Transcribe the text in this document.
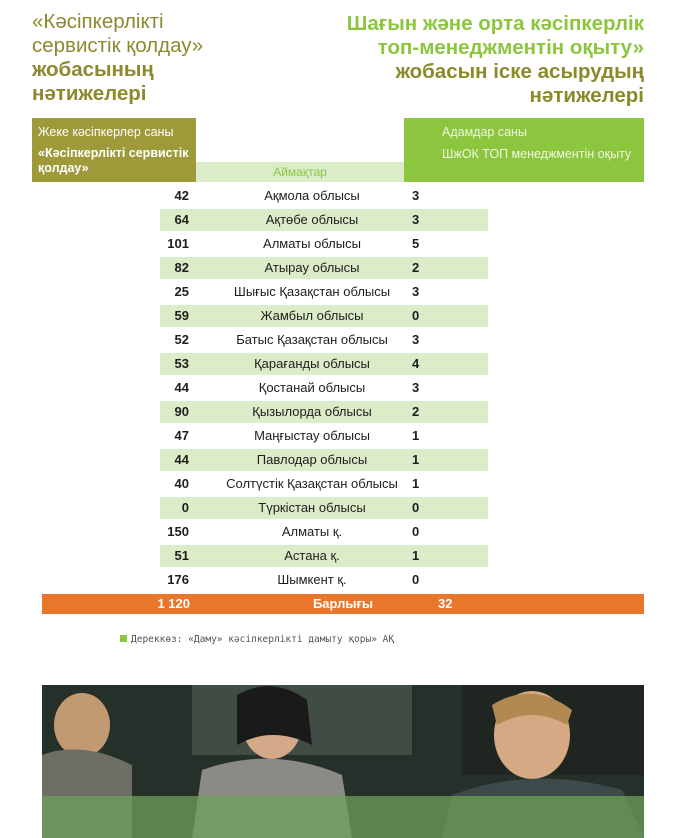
«Кәсіпкерлікті
сервистік қолдау»
жобасының
нәтижелері
Шағын және орта кәсіпкерлік
топ-менеджментін оқыту»
жобасын іске асырудың
нәтижелері
Жеке кәсіпкерлер саны
«Кәсіпкерлікті сервистік қолдау»	Аймақтар
Адамдар саны
ШжОК ТОП менеджментін оқыту
42	Ақмола облысы	3
64	Ақтөбе облысы	3
101	Алматы облысы	5
82	Атырау облысы	2
25	Шығыс Қазақстан облысы	3
59	Жамбыл облысы	0
52	Батыс Қазақстан облысы	3
53	Қарағанды облысы	4
44	Қостанай облысы	3
90	Қызылорда облысы	2
47	Маңғыстау облысы	1
44	Павлодар облысы	1
40	Солтүстік Қазақстан облысы	1
0	Түркістан облысы	0
150	Алматы қ.	0
51	Астана қ.	1
176	Шымкент қ.	0
1 120	Барлығы	32
Дереккөз: «Даму» кәсіпкерлікті дамыту қоры» АҚ
